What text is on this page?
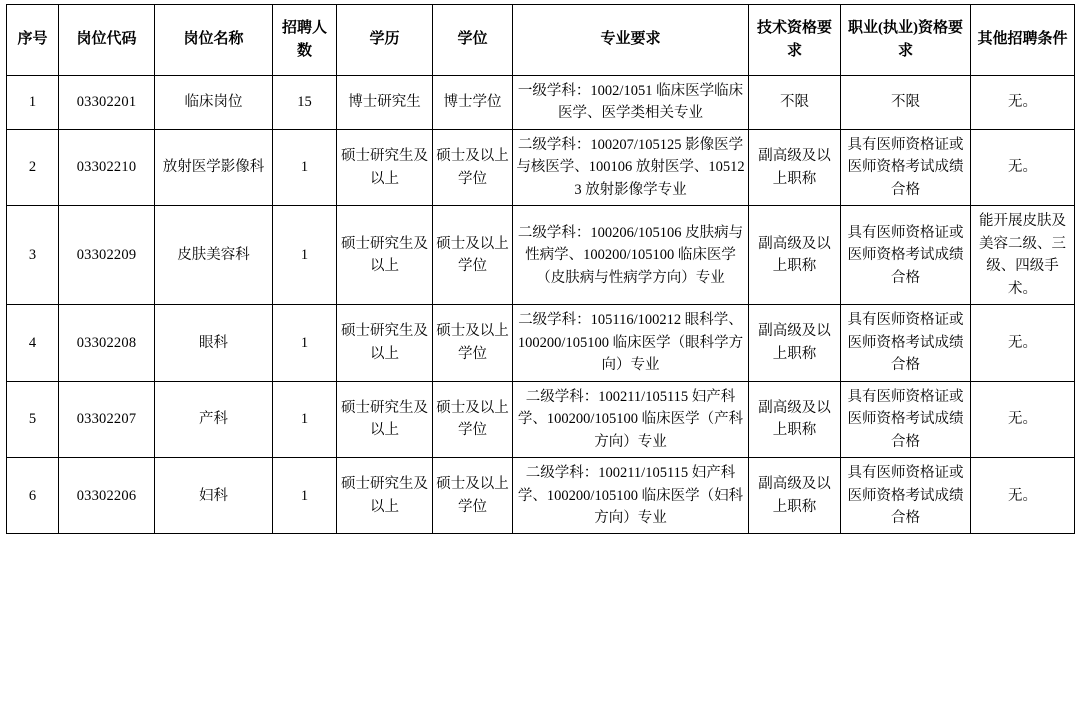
序号	岗位代码	岗位名称	招聘人数	学历	学位	专业要求	技术资格要求	职业(执业)资格要求	其他招聘条件
1	03302201	临床岗位	15	博士研究生	博士学位	一级学科：1002/1051 临床医学临床医学、医学类相关专业	不限	不限	无。
2	03302210	放射医学影像科	1	硕士研究生及以上	硕士及以上学位	二级学科：100207/105125 影像医学与核医学、100106 放射医学、105123 放射影像学专业	副高级及以上职称	具有医师资格证或医师资格考试成绩合格	无。
3	03302209	皮肤美容科	1	硕士研究生及以上	硕士及以上学位	二级学科：100206/105106 皮肤病与性病学、100200/105100 临床医学（皮肤病与性病学方向）专业	副高级及以上职称	具有医师资格证或医师资格考试成绩合格	能开展皮肤及美容二级、三级、四级手术。
4	03302208	眼科	1	硕士研究生及以上	硕士及以上学位	二级学科：105116/100212 眼科学、100200/105100 临床医学（眼科学方向）专业	副高级及以上职称	具有医师资格证或医师资格考试成绩合格	无。
5	03302207	产科	1	硕士研究生及以上	硕士及以上学位	二级学科：100211/105115 妇产科学、100200/105100 临床医学（产科方向）专业	副高级及以上职称	具有医师资格证或医师资格考试成绩合格	无。
6	03302206	妇科	1	硕士研究生及以上	硕士及以上学位	二级学科：100211/105115 妇产科学、100200/105100 临床医学（妇科方向）专业	副高级及以上职称	具有医师资格证或医师资格考试成绩合格	无。
